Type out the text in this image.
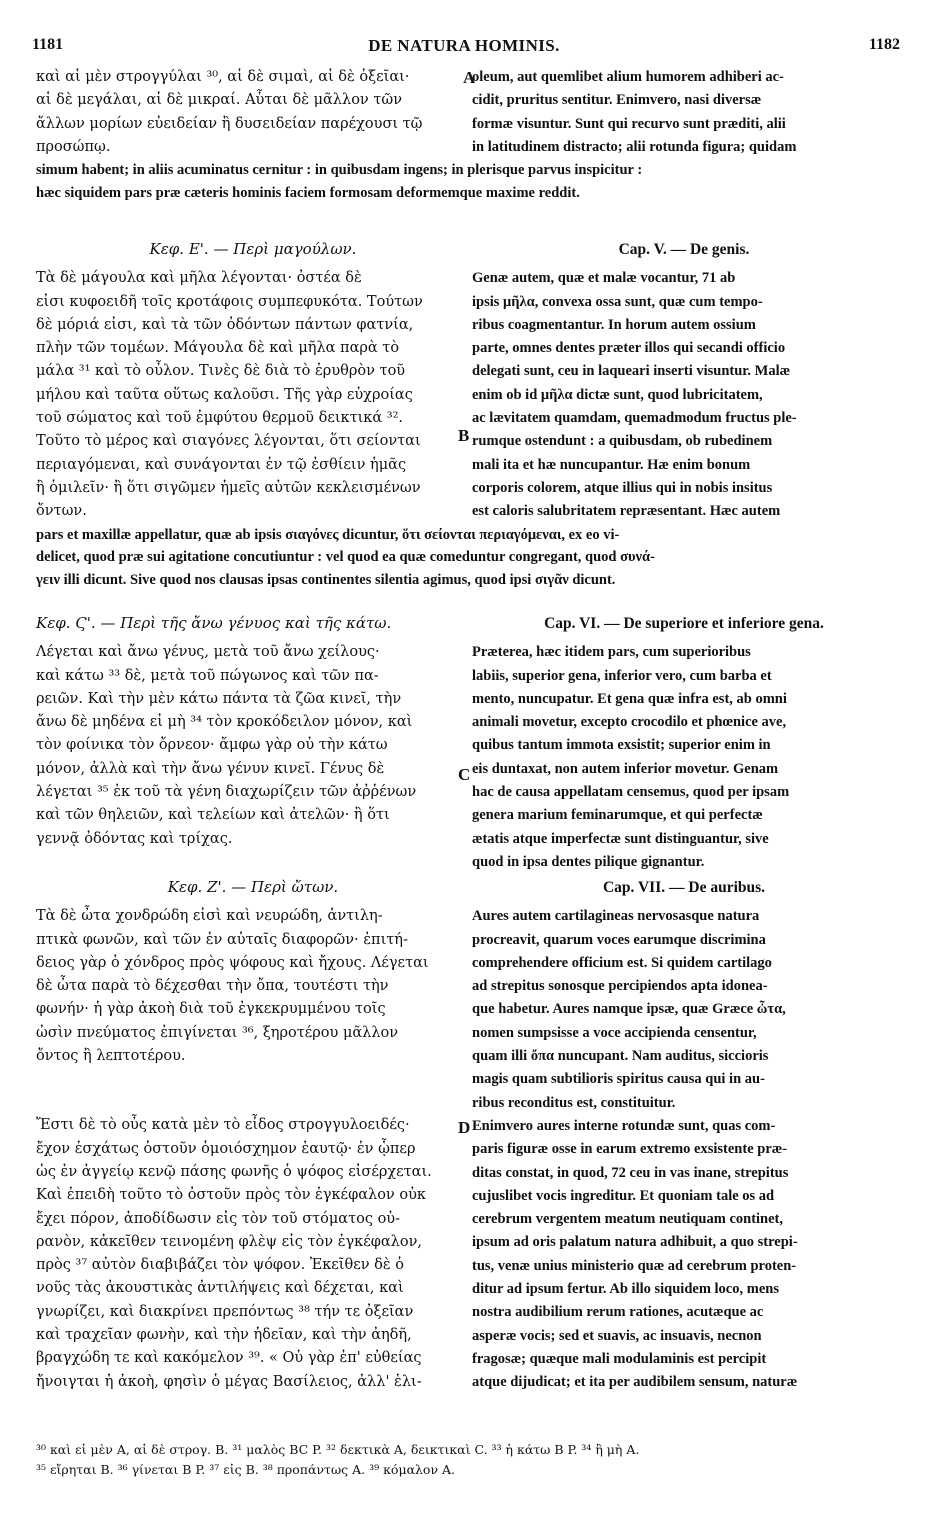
1181	DE NATURA HOMINIS.	1182
καὶ αἱ μὲν στρογγύλαι ³⁰, αἱ δὲ σιμαὶ, αἱ δὲ ὀξεῖαι·
αἱ δὲ μεγάλαι, αἱ δὲ μικραί. Αὗται δὲ μᾶλλον τῶν
ἄλλων μορίων εὐειδείαν ἢ δυσειδείαν παρέχουσι τῷ
προσώπῳ.
oleum, aut quemlibet alium humorem adhiberi ac-
cidit, pruritus sentitur. Enimvero, nasi diversæ
formæ visuntur. Sunt qui recurvo sunt præditi, alii
in latitudinem distracto; alii rotunda figura; quidam
simum habent; in aliis acuminatus cernitur : in quibusdam ingens; in plerisque parvus inspicitur :
hæc siquidem pars præ cæteris hominis faciem formosam deformemque maxime reddit.
Κεφ. Ε'. — Περὶ μαγούλων.
Τὰ δὲ μάγουλα καὶ μῆλα λέγονται· ὀστέα δὲ
εἰσι κυφοειδῆ τοῖς κροτάφοις συμπεφυκότα. Τούτων
δὲ μόριά εἰσι, καὶ τὰ τῶν ὀδόντων πάντων φατνία,
πλὴν τῶν τομέων. Μάγουλα δὲ καὶ μῆλα παρὰ τὸ
μάλα ³¹ καὶ τὸ οὖλον. Τινὲς δὲ διὰ τὸ ἐρυθρὸν τοῦ
μήλου καὶ ταῦτα οὕτως καλοῦσι. Τῆς γὰρ εὐχροίας
τοῦ σώματος καὶ τοῦ ἐμφύτου θερμοῦ δεικτικά ³².
Τοῦτο τὸ μέρος καὶ σιαγόνες λέγονται, ὅτι σείονται
περιαγόμεναι, καὶ συνάγονται ἐν τῷ ἐσθίειν ἡμᾶς
ἢ ὁμιλεῖν· ἢ ὅτι σιγῶμεν ἡμεῖς αὐτῶν κεκλεισμένων
ὄντων.
Cap. V. — De genis.
Genæ autem, quæ et malæ vocantur, 71 ab
ipsis μῆλα, convexa ossa sunt, quæ cum tempo-
ribus coagmentantur. In horum autem ossium
parte, omnes dentes præter illos qui secandi officio
delegati sunt, ceu in laqueari inserti visuntur. Malæ
enim ob id μῆλα dictæ sunt, quod lubricitatem,
ac lævitatem quamdam, quemadmodum fructus ple-
rumque ostendunt : a quibusdam, ob rubedinem
mali ita et hæ nuncupantur. Hæ enim bonum
corporis colorem, atque illius qui in nobis insitus
est caloris salubritatem repræsentant. Hæc autem
pars et maxillæ appellatur, quæ ab ipsis σιαγόνες dicuntur, ὅτι σείονται περιαγόμεναι, ex eo vi-
delicet, quod præ sui agitatione concutiuntur : vel quod ea quæ comeduntur congregant, quod συνά-
γειν illi dicunt. Sive quod nos clausas ipsas continentes silentia agimus, quod ipsi σιγᾶν dicunt.
Κεφ. Ϛ'. — Περὶ τῆς ἄνω γένυος καὶ τῆς κάτω.
Λέγεται καὶ ἄνω γένυς, μετὰ τοῦ ἄνω χείλους·
καὶ κάτω ³³ δὲ, μετὰ τοῦ πώγωνος καὶ τῶν πα-
ρειῶν. Καὶ τὴν μὲν κάτω πάντα τὰ ζῶα κινεῖ, τὴν
ἄνω δὲ μηδένα εἰ μὴ ³⁴ τὸν κροκόδειλον μόνον, καὶ
τὸν φοίνικα τὸν ὄρνεον· ἄμφω γὰρ οὐ τὴν κάτω
μόνον, ἀλλὰ καὶ τὴν ἄνω γένυν κινεῖ. Γένυς δὲ
λέγεται ³⁵ ἐκ τοῦ τὰ γένη διαχωρίζειν τῶν ἀῤῥένων
καὶ τῶν θηλειῶν, καὶ τελείων καὶ ἀτελῶν· ἢ ὅτι
γεννᾷ ὀδόντας καὶ τρίχας.
Cap. VI. — De superiore et inferiore gena.
Præterea, hæc itidem pars, cum superioribus
labiis, superior gena, inferior vero, cum barba et
mento, nuncupatur. Et gena quæ infra est, ab omni
animali movetur, excepto crocodilo et phœnice ave,
quibus tantum immota exsistit; superior enim in
eis duntaxat, non autem inferior movetur. Genam
hac de causa appellatam censemus, quod per ipsam
genera marium feminarumque, et qui perfectæ
ætatis atque imperfectæ sunt distinguantur, sive
quod in ipsa dentes pilique gignantur.
Κεφ. Ζ'. — Περὶ ὤτων.
Τὰ δὲ ὦτα χονδρώδη εἰσὶ καὶ νευρώδη, ἀντιλη-
πτικὰ φωνῶν, καὶ τῶν ἐν αὐταῖς διαφορῶν· ἐπιτή-
δειος γὰρ ὁ χόνδρος πρὸς ψόφους καὶ ἤχους. Λέγεται
δὲ ὦτα παρὰ τὸ δέχεσθαι τὴν ὄπα, τουτέστι τὴν
φωνήν· ἡ γὰρ ἀκοὴ διὰ τοῦ ἐγκεκρυμμένου τοῖς
ὠσὶν πνεύματος ἐπιγίνεται ³⁶, ξηροτέρου μᾶλλον
ὄντος ἢ λεπτοτέρου.
Ἔστι δὲ τὸ οὖς κατὰ μὲν τὸ εἶδος στρογγυλοειδές·
ἔχον ἐσχάτως ὀστοῦν ὁμοιόσχημον ἑαυτῷ· ἐν ᾧπερ
ὡς ἐν ἀγγείῳ κενῷ πάσης φωνῆς ὁ ψόφος εἰσέρχεται.
Καὶ ἐπειδὴ τοῦτο τὸ ὀστοῦν πρὸς τὸν ἐγκέφαλον οὐκ
ἔχει πόρον, ἀποδίδωσιν εἰς τὸν τοῦ στόματος οὐ-
ρανὸν, κἀκεῖθεν τεινομένη φλὲψ εἰς τὸν ἐγκέφαλον,
πρὸς ³⁷ αὐτὸν διαβιβάζει τὸν ψόφον. Ἐκεῖθεν δὲ ὁ
νοῦς τὰς ἀκουστικὰς ἀντιλήψεις καὶ δέχεται, καὶ
γνωρίζει, καὶ διακρίνει πρεπόντως ³⁸ τήν τε ὀξεῖαν
καὶ τραχεῖαν φωνὴν, καὶ τὴν ἡδεῖαν, καὶ τὴν ἀηδῆ,
βραγχώδη τε καὶ κακόμελον ³⁹. « Οὐ γὰρ ἐπ' εὐθείας
ἤνοιγται ἡ ἀκοὴ, φησὶν ὁ μέγας Βασίλειος, ἀλλ' ἑλι-
Cap. VII. — De auribus.
Aures autem cartilagineas nervosasque natura
procreavit, quarum voces earumque discrimina
comprehendere officium est. Si quidem cartilago
ad strepitus sonosque percipiendos apta idonea-
que habetur. Aures namque ipsæ, quæ Græce ὦτα,
nomen sumpsisse a voce accipienda censentur,
quam illi ὄπα nuncupant. Nam auditus, siccioris
magis quam subtilioris spiritus causa qui in au-
ribus reconditus est, constituitur.
Enimvero aures interne rotundæ sunt, quas com-
paris figuræ osse in earum extremo exsistente præ-
ditas constat, in quod, 72 ceu in vas inane, strepitus
cujuslibet vocis ingreditur. Et quoniam tale os ad
cerebrum vergentem meatum neutiquam continet,
ipsum ad oris palatum natura adhibuit, a quo strepi-
tus, venæ unius ministerio quæ ad cerebrum proten-
ditur ad ipsum fertur. Ab illo siquidem loco, mens
nostra audibilium rerum rationes, acutæque ac
asperæ vocis; sed et suavis, ac insuavis, necnon
fragosæ; quæque mali modulaminis est percipit
atque dijudicat; et ita per audibilem sensum, naturæ
A
B
C
D
³⁰ καὶ εἰ μὲν A, αἱ δὲ στρογ. B. ³¹ μαλὸς BC P. ³² δεκτικὰ A, δεικτικαὶ C. ³³ ἡ κάτω B P. ³⁴ ἢ μὴ A.
³⁵ εἴρηται B. ³⁶ γίνεται B P. ³⁷ εἰς B. ³⁸ προπάντως A. ³⁹ κόμαλον A.
